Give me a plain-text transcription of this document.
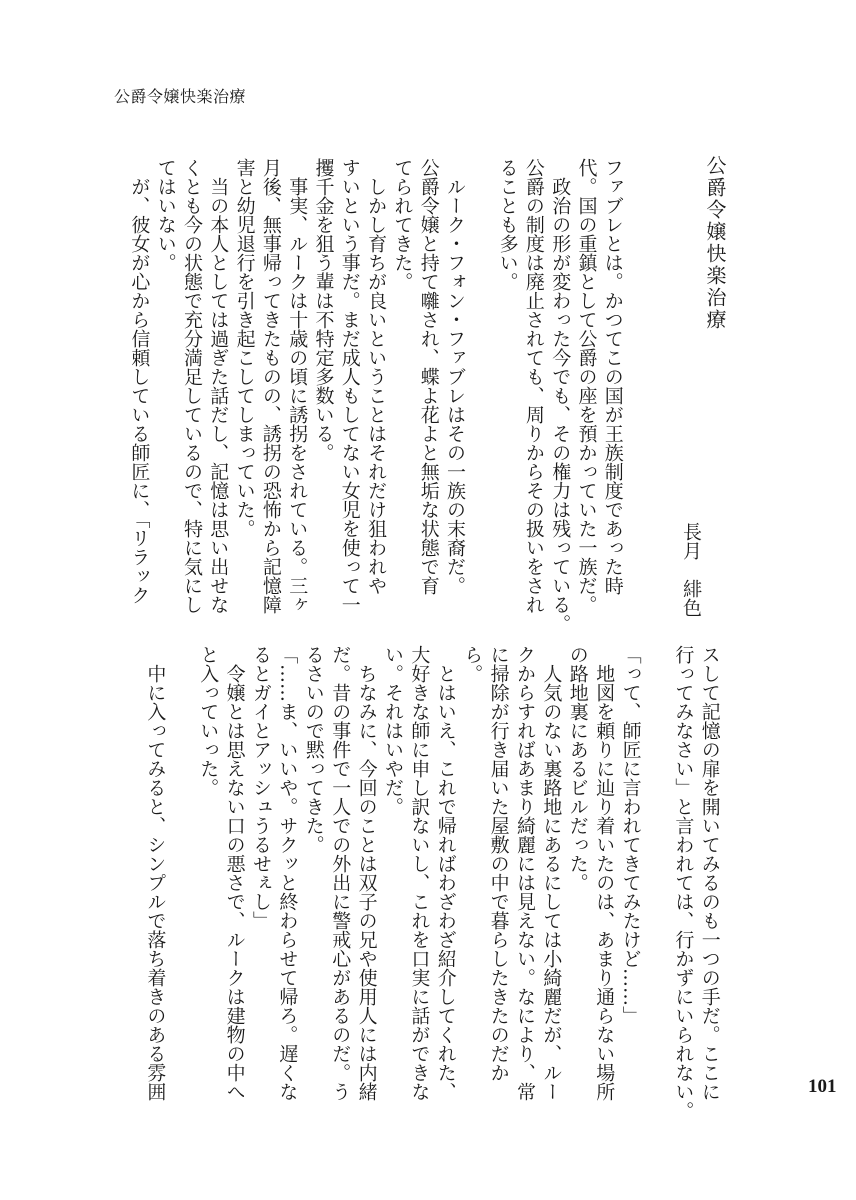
公爵令嬢快楽治療
公爵令嬢快楽治療
長月　緋色
ファブレとは。かつてこの国が王族制度であった時
代。国の重鎮として公爵の座を預かっていた一族だ。
　政治の形が変わった今でも、その権力は残っている。
公爵の制度は廃止されても、周りからその扱いをされ
ることも多い。
　ルーク・フォン・ファブレはその一族の末裔だ。
公爵令嬢と持て囃され、蝶よ花よと無垢な状態で育
てられてきた。
　しかし育ちが良いということはそれだけ狙われや
すいという事だ。まだ成人もしてない女児を使って一
攫千金を狙う輩は不特定多数いる。
　事実、ルークは十歳の頃に誘拐をされている。三ヶ
月後、無事帰ってきたものの、誘拐の恐怖から記憶障
害と幼児退行を引き起こしてしまっていた。
　当の本人としては過ぎた話だし、記憶は思い出せな
くとも今の状態で充分満足しているので、特に気にし
てはいない。
　が、彼女が心から信頼している師匠に、「リラック
スして記憶の扉を開いてみるのも一つの手だ。ここに
行ってみなさい」と言われては、行かずにいられない。
「って、師匠に言われてきてみたけど……」
　地図を頼りに辿り着いたのは、あまり通らない場所
の路地裏にあるビルだった。
　人気のない裏路地にあるにしては小綺麗だが、ルー
クからすればあまり綺麗には見えない。なにより、常
に掃除が行き届いた屋敷の中で暮らしたきたのだか
ら。
　とはいえ、これで帰ればわざわざ紹介してくれた、
大好きな師に申し訳ないし、これを口実に話ができな
い。それはいやだ。
　ちなみに、今回のことは双子の兄や使用人には内緒
だ。昔の事件で一人での外出に警戒心があるのだ。う
るさいので黙ってきた。
「……ま、いいや。サクッと終わらせて帰ろ。遅くな
るとガイとアッシュうるせぇし」
　令嬢とは思えない口の悪さで、ルークは建物の中へ
と入っていった。
　中に入ってみると、シンプルで落ち着きのある雰囲	101
